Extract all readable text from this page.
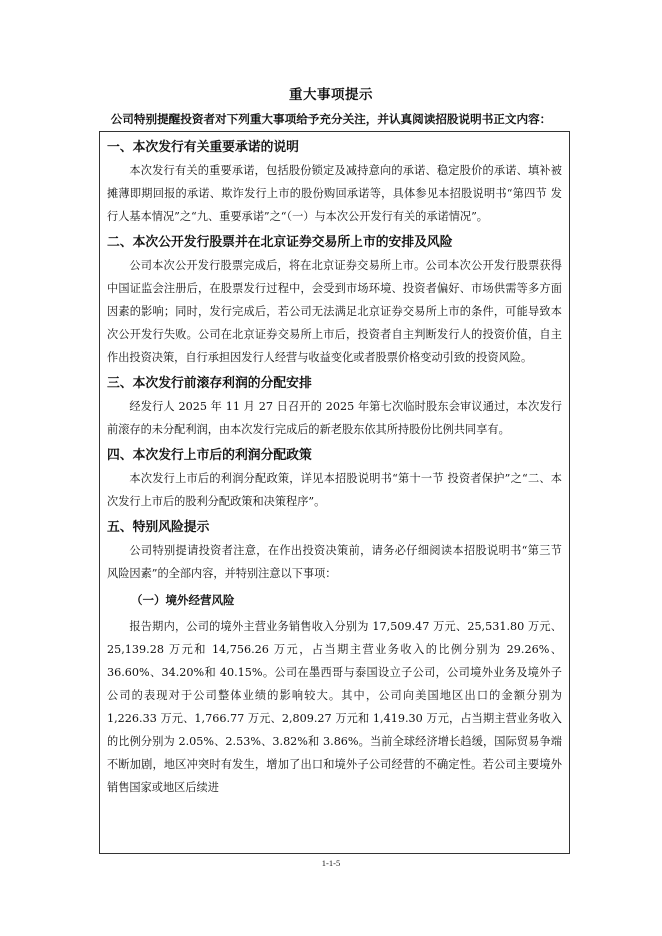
重大事项提示
公司特别提醒投资者对下列重大事项给予充分关注，并认真阅读招股说明书正文内容：
一、本次发行有关重要承诺的说明

本次发行有关的重要承诺，包括股份锁定及减持意向的承诺、稳定股价的承诺、填补被摊薄即期回报的承诺、欺诈发行上市的股份购回承诺等，具体参见本招股说明书“第四节 发行人基本情况”之“九、重要承诺”之“（一）与本次公开发行有关的承诺情况”。

二、本次公开发行股票并在北京证券交易所上市的安排及风险

公司本次公开发行股票完成后，将在北京证券交易所上市。公司本次公开发行股票获得中国证监会注册后，在股票发行过程中，会受到市场环境、投资者偏好、市场供需等多方面因素的影响；同时，发行完成后，若公司无法满足北京证券交易所上市的条件，可能导致本次公开发行失败。公司在北京证券交易所上市后，投资者自主判断发行人的投资价值，自主作出投资决策，自行承担因发行人经营与收益变化或者股票价格变动引致的投资风险。

三、本次发行前滚存利润的分配安排

经发行人 2025 年 11 月 27 日召开的 2025 年第七次临时股东会审议通过，本次发行前滚存的未分配利润，由本次发行完成后的新老股东依其所持股份比例共同享有。

四、本次发行上市后的利润分配政策

本次发行上市后的利润分配政策，详见本招股说明书“第十一节 投资者保护”之“二、本次发行上市后的股利分配政策和决策程序”。

五、特别风险提示

公司特别提请投资者注意，在作出投资决策前，请务必仔细阅读本招股说明书“第三节 风险因素”的全部内容，并特别注意以下事项：

（一）境外经营风险

报告期内，公司的境外主营业务销售收入分别为 17,509.47 万元、25,531.80 万元、25,139.28 万元和 14,756.26 万元，占当期主营业务收入的比例分别为 29.26%、36.60%、34.20%和 40.15%。公司在墨西哥与泰国设立子公司，公司境外业务及境外子公司的表现对于公司整体业绩的影响较大。其中，公司向美国地区出口的金额分别为 1,226.33 万元、1,766.77 万元、2,809.27 万元和 1,419.30 万元，占当期主营业务收入的比例分别为 2.05%、2.53%、3.82%和 3.86%。当前全球经济增长趋缓，国际贸易争端不断加剧，地区冲突时有发生，增加了出口和境外子公司经营的不确定性。若公司主要境外销售国家或地区后续进

1-1-5
